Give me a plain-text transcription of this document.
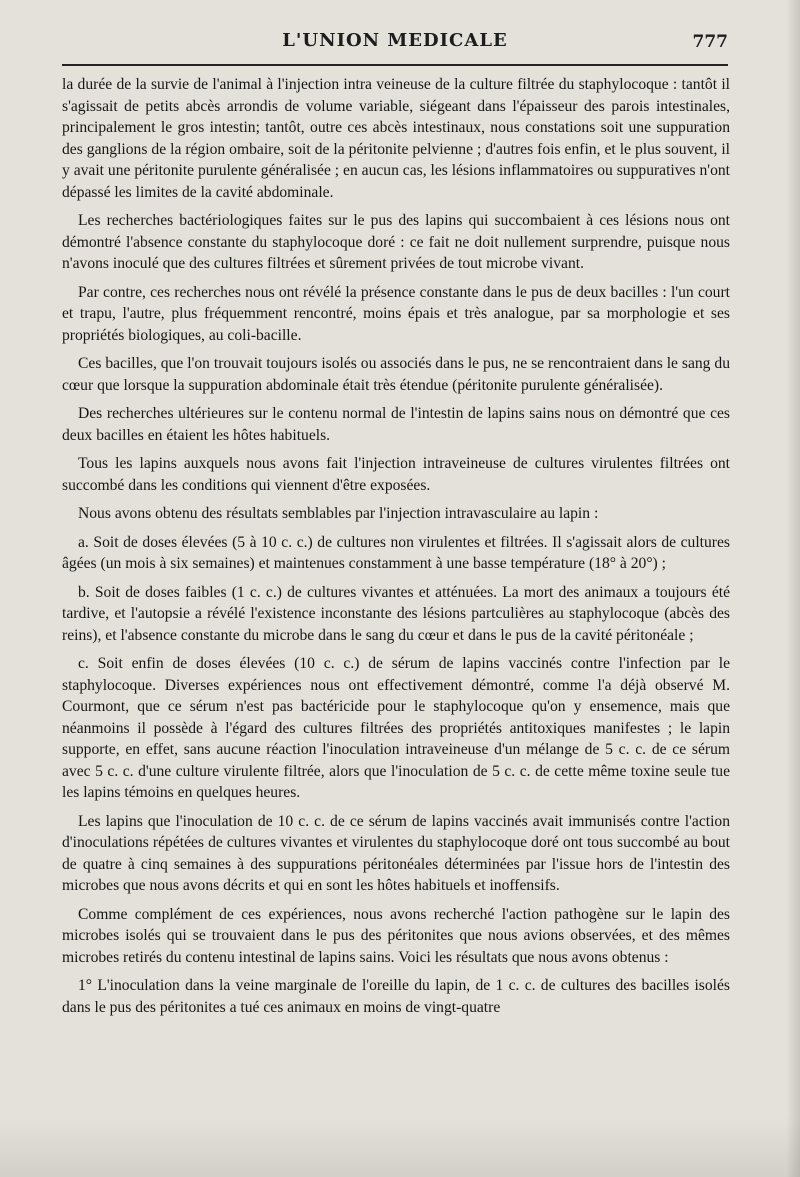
L'UNION MEDICALE	777

la durée de la survie de l'animal à l'injection intra veineuse de la culture filtrée du staphylocoque : tantôt il s'agissait de petits abcès arrondis de volume variable, siégeant dans l'épaisseur des parois intestinales, principalement le gros intestin; tantôt, outre ces abcès intestinaux, nous constations soit une suppuration des ganglions de la région ombaire, soit de la péritonite pelvienne ; d'autres fois enfin, et le plus souvent, il y avait une péritonite purulente généralisée ; en aucun cas, les lésions inflammatoires ou suppuratives n'ont dépassé les limites de la cavité abdominale.

Les recherches bactériologiques faites sur le pus des lapins qui succombaient à ces lésions nous ont démontré l'absence constante du staphylocoque doré : ce fait ne doit nullement surprendre, puisque nous n'avons inoculé que des cultures filtrées et sûrement privées de tout microbe vivant.

Par contre, ces recherches nous ont révélé la présence constante dans le pus de deux bacilles : l'un court et trapu, l'autre, plus fréquemment rencontré, moins épais et très analogue, par sa morphologie et ses propriétés biologiques, au coli-bacille.

Ces bacilles, que l'on trouvait toujours isolés ou associés dans le pus, ne se rencontraient dans le sang du cœur que lorsque la suppuration abdominale était très étendue (péritonite purulente généralisée).

Des recherches ultérieures sur le contenu normal de l'intestin de lapins sains nous on démontré que ces deux bacilles en étaient les hôtes habituels.

Tous les lapins auxquels nous avons fait l'injection intraveineuse de cultures virulentes filtrées ont succombé dans les conditions qui viennent d'être exposées.

Nous avons obtenu des résultats semblables par l'injection intravasculaire au lapin :

a. Soit de doses élevées (5 à 10 c. c.) de cultures non virulentes et filtrées. Il s'agissait alors de cultures âgées (un mois à six semaines) et maintenues constamment à une basse température (18° à 20°) ;

b. Soit de doses faibles (1 c. c.) de cultures vivantes et atténuées. La mort des animaux a toujours été tardive, et l'autopsie a révélé l'existence inconstante des lésions partculières au staphylocoque (abcès des reins), et l'absence constante du microbe dans le sang du cœur et dans le pus de la cavité péritonéale ;

c. Soit enfin de doses élevées (10 c. c.) de sérum de lapins vaccinés contre l'infection par le staphylocoque. Diverses expériences nous ont effectivement démontré, comme l'a déjà observé M. Courmont, que ce sérum n'est pas bactéricide pour le staphylocoque qu'on y ensemence, mais que néanmoins il possède à l'égard des cultures filtrées des propriétés antitoxiques manifestes ; le lapin supporte, en effet, sans aucune réaction l'inoculation intraveineuse d'un mélange de 5 c. c. de ce sérum avec 5 c. c. d'une culture virulente filtrée, alors que l'inoculation de 5 c. c. de cette même toxine seule tue les lapins témoins en quelques heures.

Les lapins que l'inoculation de 10 c. c. de ce sérum de lapins vaccinés avait immunisés contre l'action d'inoculations répétées de cultures vivantes et virulentes du staphylocoque doré ont tous succombé au bout de quatre à cinq semaines à des suppurations péritonéales déterminées par l'issue hors de l'intestin des microbes que nous avons décrits et qui en sont les hôtes habituels et inoffensifs.

Comme complément de ces expériences, nous avons recherché l'action pathogène sur le lapin des microbes isolés qui se trouvaient dans le pus des péritonites que nous avions observées, et des mêmes microbes retirés du contenu intestinal de lapins sains. Voici les résultats que nous avons obtenus :

1° L'inoculation dans la veine marginale de l'oreille du lapin, de 1 c. c. de cultures des bacilles isolés dans le pus des péritonites a tué ces animaux en moins de vingt-quatre
